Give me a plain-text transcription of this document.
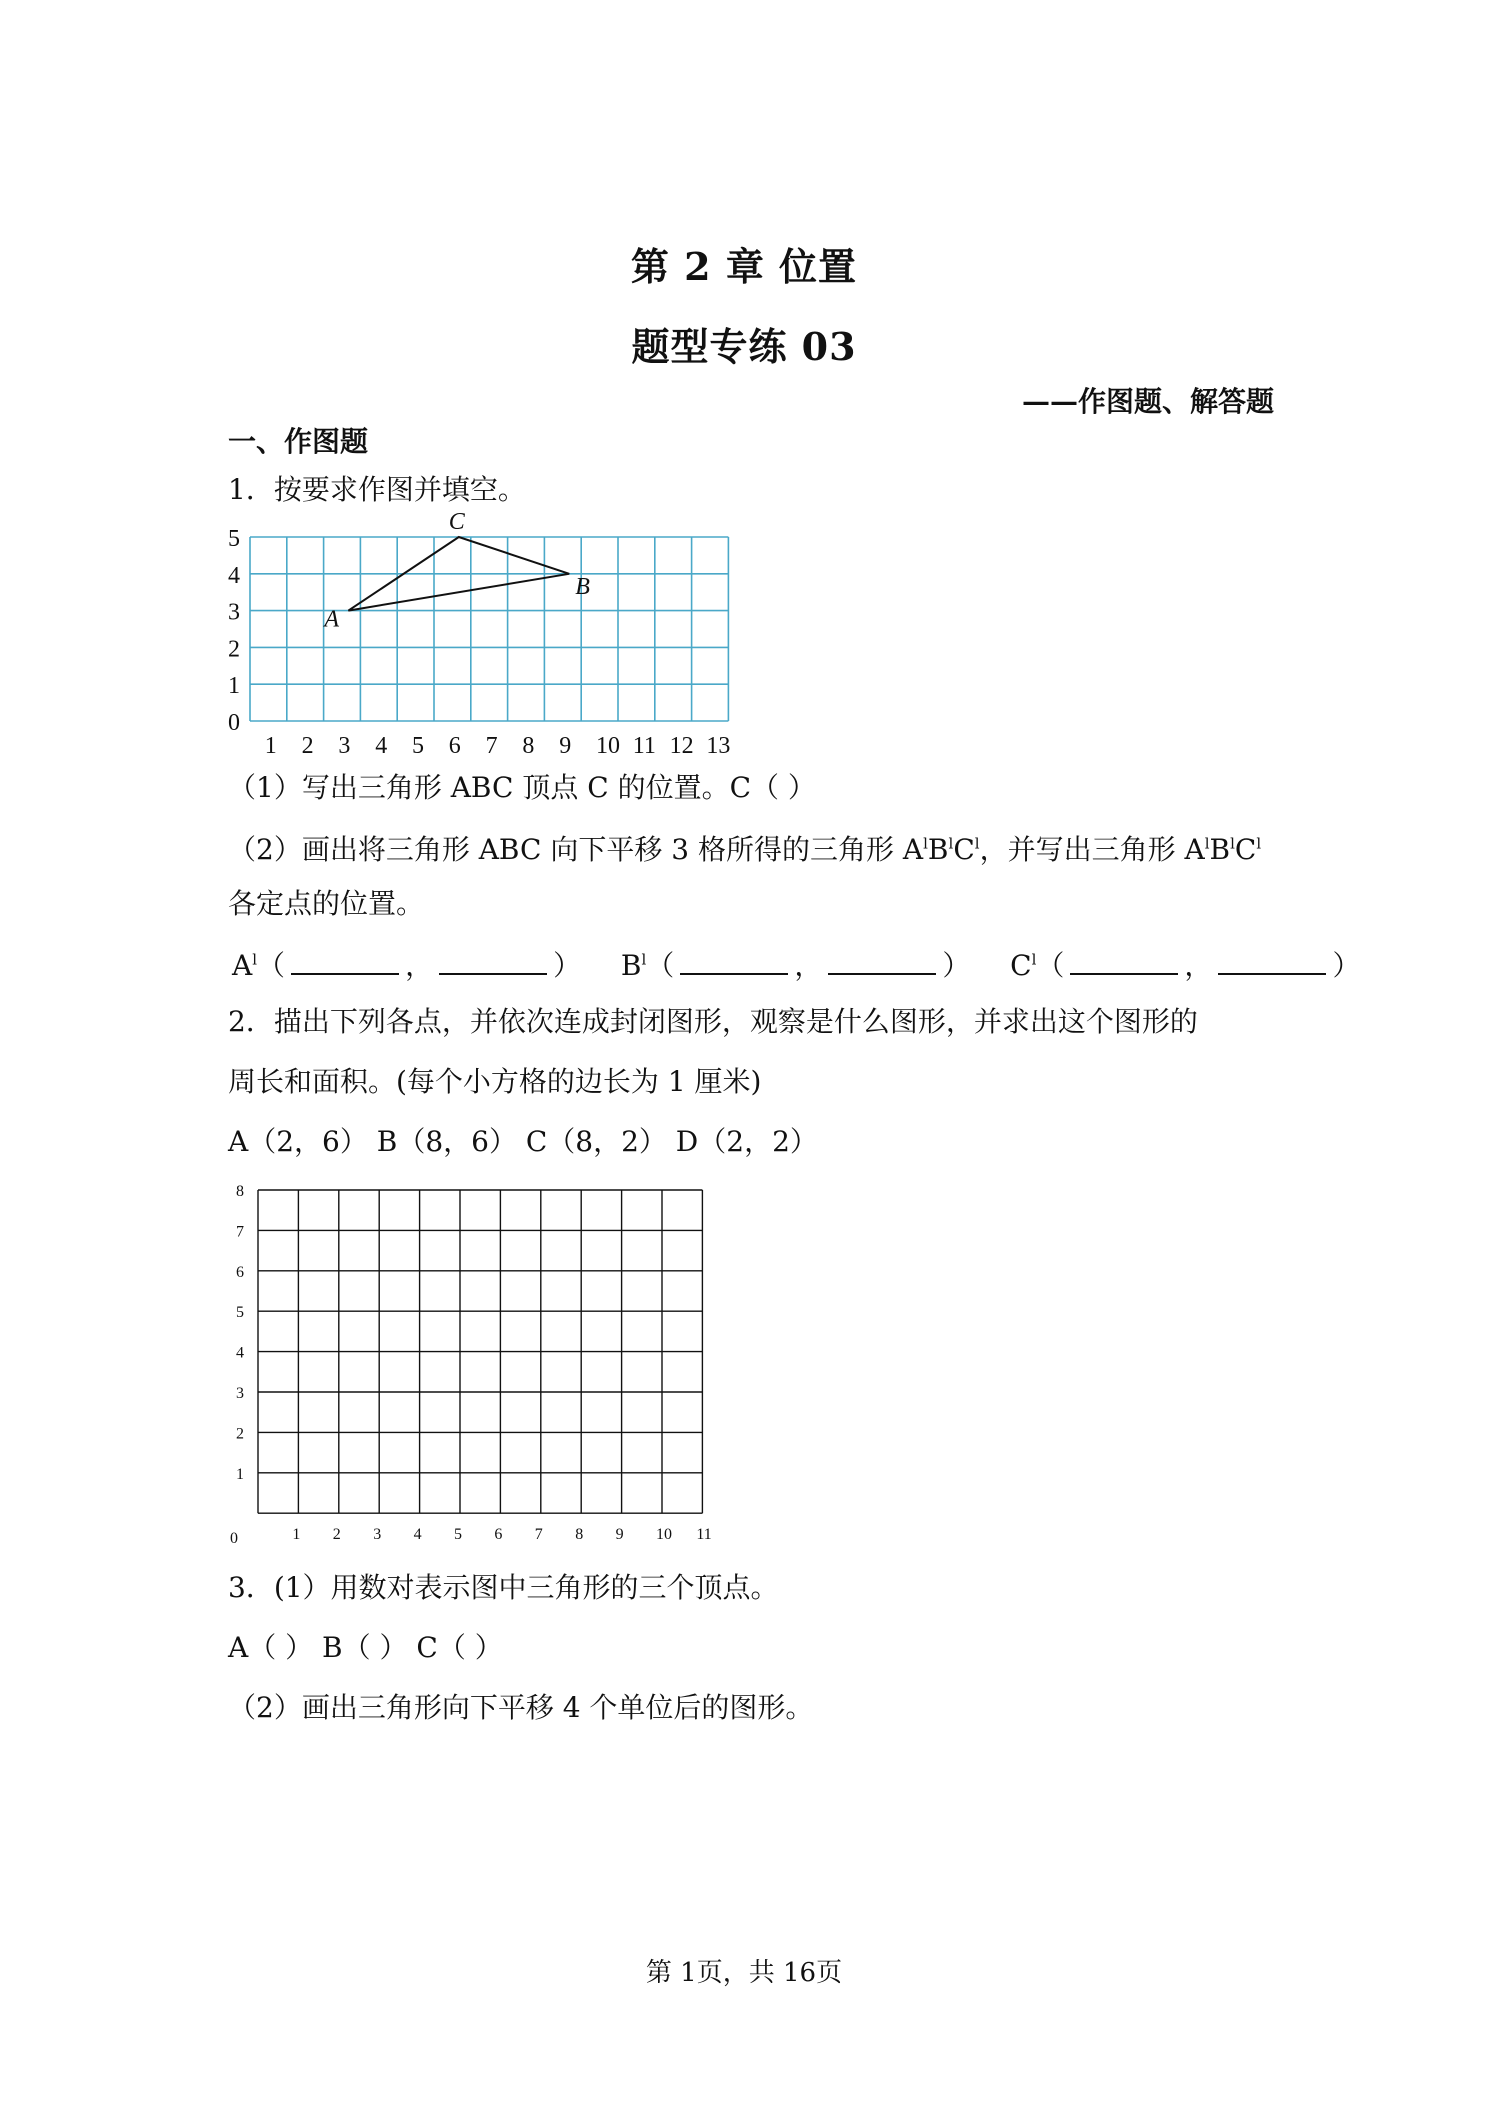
第 2 章 位置
题型专练 03
——作图题、解答题
一、作图题
1．按要求作图并填空。
0
1
2
3
4
5
1 2 3 4 5 6 7 8 9 10 11 12 13
A
B
C
（1）写出三角形 ABC 顶点 C 的位置。C（ ）
（2）画出将三角形 ABC 向下平移 3 格所得的三角形 $A^lB^lC^l$，并写出三角形 $A^lB^lC^l$
各定点的位置。
$A^l$（	，	） $B^l$（	，	） $C^l$（	，	）
2．描出下列各点，并依次连成封闭图形，观察是什么图形，并求出这个图形的
周长和面积。(每个小方格的边长为 1 厘米)
A（2，6） B（8，6） C（8，2） D（2，2）
1
2
3
4
5
6
7
8
1 2 3 4 5 6 7 8 9 10 11
0
3．(1）用数对表示图中三角形的三个顶点。
A（ ） B（ ） C（ ）
（2）画出三角形向下平移 4 个单位后的图形。
第 1页，共 16页
